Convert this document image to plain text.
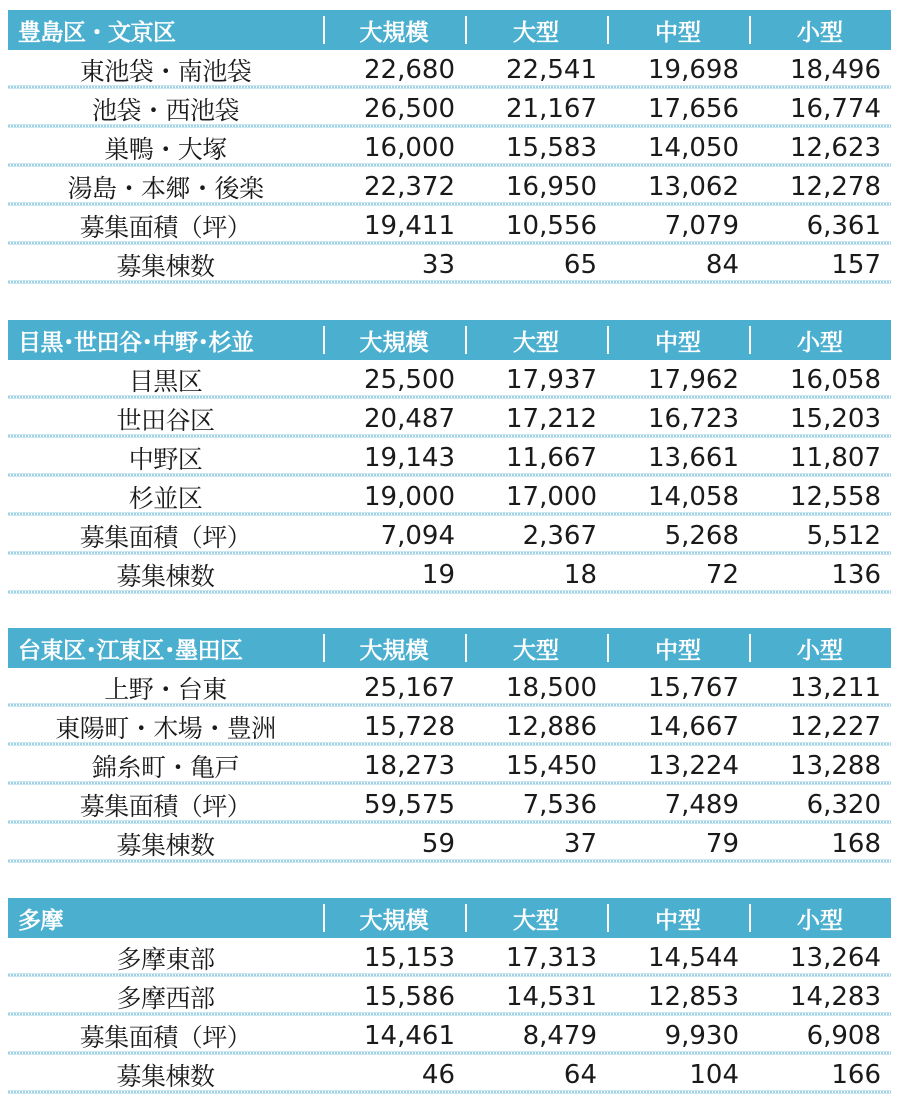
豊島区・文京区	大規模	大型	中型	小型
東池袋・南池袋	22,680	22,541	19,698	18,496
池袋・西池袋	26,500	21,167	17,656	16,774
巣鴨・大塚	16,000	15,583	14,050	12,623
湯島・本郷・後楽	22,372	16,950	13,062	12,278
募集面積（坪）	19,411	10,556	7,079	6,361
募集棟数	33	65	84	157
目黒･世田谷･中野･杉並	大規模	大型	中型	小型
目黒区	25,500	17,937	17,962	16,058
世田谷区	20,487	17,212	16,723	15,203
中野区	19,143	11,667	13,661	11,807
杉並区	19,000	17,000	14,058	12,558
募集面積（坪）	7,094	2,367	5,268	5,512
募集棟数	19	18	72	136
台東区･江東区･墨田区	大規模	大型	中型	小型
上野・台東	25,167	18,500	15,767	13,211
東陽町・木場・豊洲	15,728	12,886	14,667	12,227
錦糸町・亀戸	18,273	15,450	13,224	13,288
募集面積（坪）	59,575	7,536	7,489	6,320
募集棟数	59	37	79	168
多摩	大規模	大型	中型	小型
多摩東部	15,153	17,313	14,544	13,264
多摩西部	15,586	14,531	12,853	14,283
募集面積（坪）	14,461	8,479	9,930	6,908
募集棟数	46	64	104	166
